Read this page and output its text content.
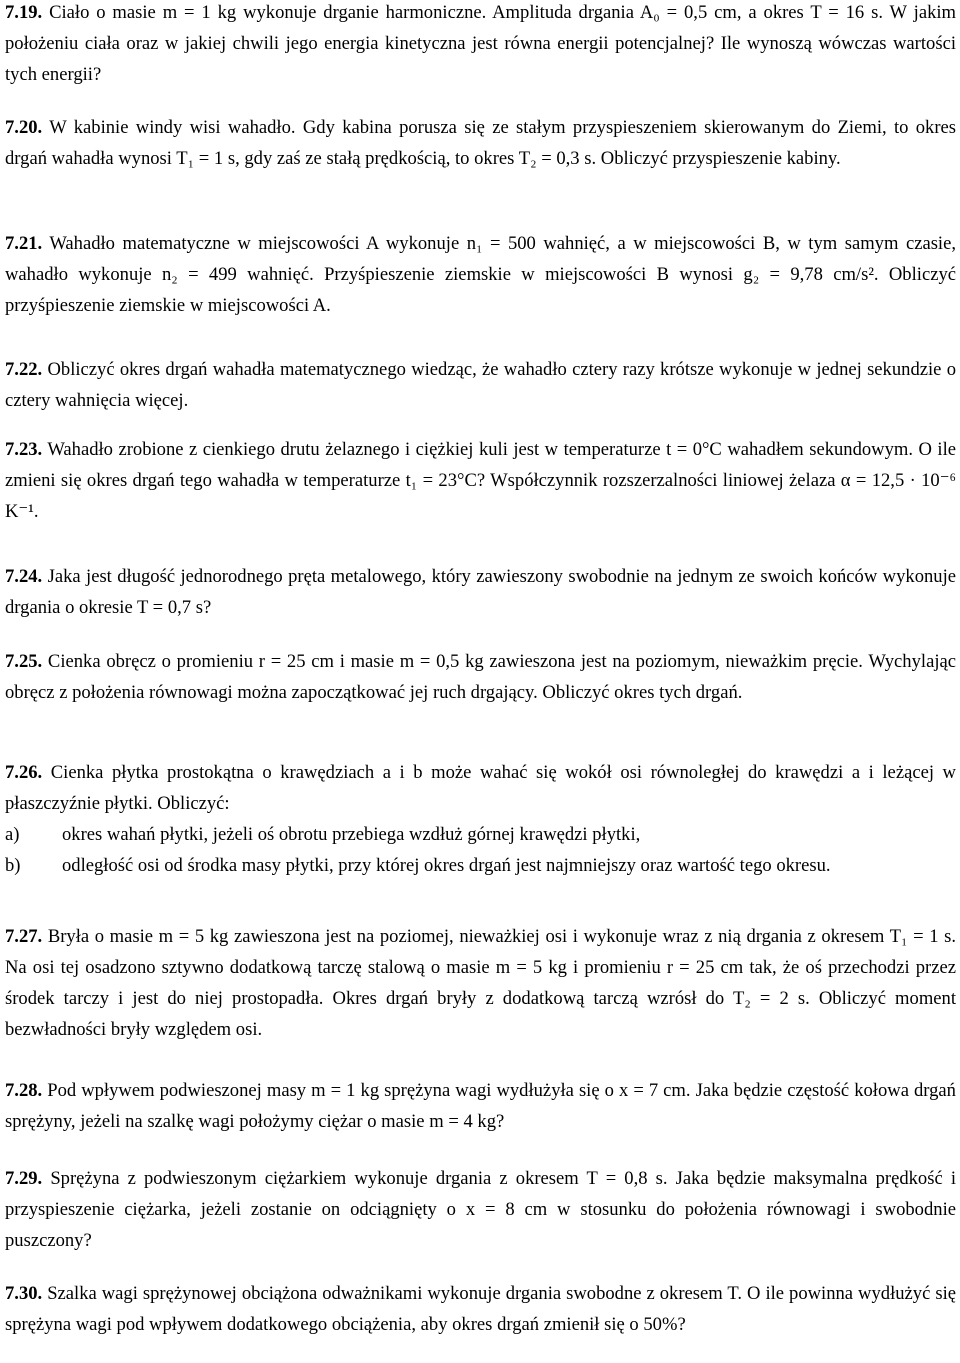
7.19. Ciało o masie m = 1 kg wykonuje drganie harmoniczne. Amplituda drgania A₀ = 0,5 cm, a okres T = 16 s. W jakim położeniu ciała oraz w jakiej chwili jego energia kinetyczna jest równa energii potencjalnej? Ile wynoszą wówczas wartości tych energii?

7.20. W kabinie windy wisi wahadło. Gdy kabina porusza się ze stałym przyspieszeniem skierowanym do Ziemi, to okres drgań wahadła wynosi T₁ = 1 s, gdy zaś ze stałą prędkością, to okres T₂ = 0,3 s. Obliczyć przyspieszenie kabiny.

7.21. Wahadło matematyczne w miejscowości A wykonuje n₁ = 500 wahnięć, a w miejscowości B, w tym samym czasie, wahadło wykonuje n₂ = 499 wahnięć. Przyśpieszenie ziemskie w miejscowości B wynosi g₂ = 9,78 cm/s². Obliczyć przyśpieszenie ziemskie w miejscowości A.

7.22. Obliczyć okres drgań wahadła matematycznego wiedząc, że wahadło cztery razy krótsze wykonuje w jednej sekundzie o cztery wahnięcia więcej.

7.23. Wahadło zrobione z cienkiego drutu żelaznego i ciężkiej kuli jest w temperaturze t = 0°C wahadłem sekundowym. O ile zmieni się okres drgań tego wahadła w temperaturze t₁ = 23°C? Współczynnik rozszerzalności liniowej żelaza α = 12,5 · 10⁻⁶ K⁻¹.

7.24. Jaka jest długość jednorodnego pręta metalowego, który zawieszony swobodnie na jednym ze swoich końców wykonuje drgania o okresie T = 0,7 s?

7.25. Cienka obręcz o promieniu r = 25 cm i masie m = 0,5 kg zawieszona jest na poziomym, nieważkim pręcie. Wychylając obręcz z położenia równowagi można zapoczątkować jej ruch drgający. Obliczyć okres tych drgań.

7.26. Cienka płytka prostokątna o krawędziach a i b może wahać się wokół osi równoległej do krawędzi a i leżącej w płaszczyźnie płytki. Obliczyć:

a)	okres wahań płytki, jeżeli oś obrotu przebiega wzdłuż górnej krawędzi płytki,
b)	odległość osi od środka masy płytki, przy której okres drgań jest najmniejszy oraz wartość tego okresu.

7.27. Bryła o masie m = 5 kg zawieszona jest na poziomej, nieważkiej osi i wykonuje wraz z nią drgania z okresem T₁ = 1 s. Na osi tej osadzono sztywno dodatkową tarczę stalową o masie m = 5 kg i promieniu r = 25 cm tak, że oś przechodzi przez środek tarczy i jest do niej prostopadła. Okres drgań bryły z dodatkową tarczą wzrósł do T₂ = 2 s. Obliczyć moment bezwładności bryły względem osi.

7.28. Pod wpływem podwieszonej masy m = 1 kg sprężyna wagi wydłużyła się o x = 7 cm. Jaka będzie częstość kołowa drgań sprężyny, jeżeli na szalkę wagi położymy ciężar o masie m = 4 kg?

7.29. Sprężyna z podwieszonym ciężarkiem wykonuje drgania z okresem T = 0,8 s. Jaka będzie maksymalna prędkość i przyspieszenie ciężarka, jeżeli zostanie on odciągnięty o x = 8 cm w stosunku do położenia równowagi i swobodnie puszczony?

7.30. Szalka wagi sprężynowej obciążona odważnikami wykonuje drgania swobodne z okresem T. O ile powinna wydłużyć się sprężyna wagi pod wpływem dodatkowego obciążenia, aby okres drgań zmienił się o 50%?
